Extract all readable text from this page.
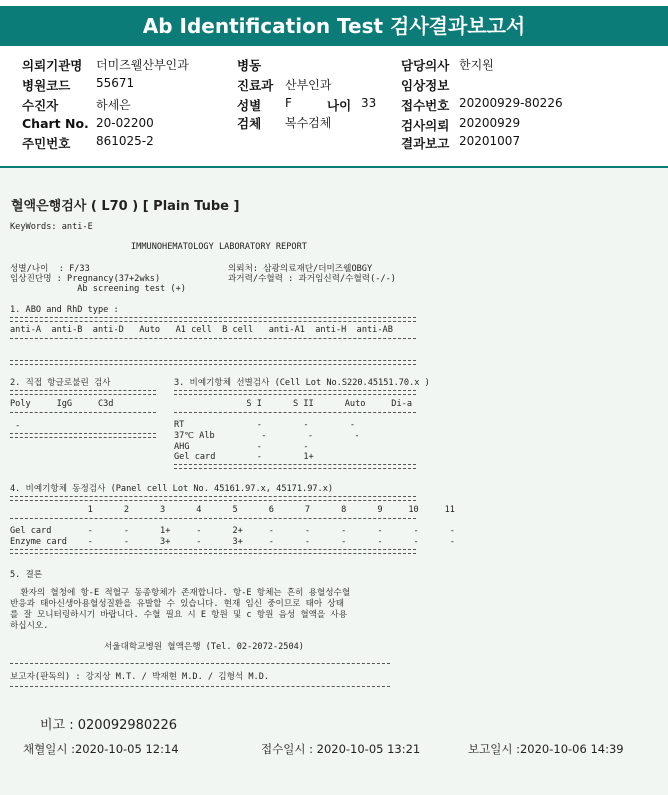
Ab Identification Test 검사결과보고서
의뢰기관명 더미즈웰산부인과
병원코드 55671
수진자	하세은
Chart No. 20-02200
주민번호 861025-2
병동
진료과 산부인과
성별 F	나이 33
검체 복수검체
담당의사 한지원
임상정보
접수번호 20200929-80226
검사의뢰 20200929
결과보고 20201007
혈액은행검사 ( L70 ) [ Plain Tube ]
KeyWords: anti-E
IMMUNOHEMATOLOGY LABORATORY REPORT
성별/나이  : F/33
임상진단명 : Pregnancy(37+2wks)
Ab screening test (+)
의뢰처: 삼광의료재단/더미즈웰OBGY
과거력/수혈력 : 과거임신력/수혈력(-/-)
1. ABO and RhD type :
anti-A  anti-B  anti-D   Auto   A1 cell  B cell   anti-A1  anti-H  anti-AB
2. 직접 항글로불린 검사
Poly     IgG     C3d
-
3. 비예기항체 선별검사 (Cell Lot No.S220.45151.70.x )
S I      S II      Auto     Di-a
RT              -        -        -
37℃ Alb         -        -        -
AHG             -        -
Gel card        -        1+
4. 비예기항체 동정검사 (Panel cell Lot No. 45161.97.x, 45171.97.x)
1      2      3      4      5      6      7      8      9     10     11
Gel card       -      -      1+     -      2+     -      -      -      -      -      -
Enzyme card    -      -      3+     -      3+     -      -      -      -      -      -
5. 결론
환자의 혈청에 항-E 적혈구 동종항체가 존재합니다. 항-E 항체는 흔히 용혈성수혈
반응과 태아신생아용혈성질환을 유발할 수 있습니다. 현재 임신 중이므로 태아 상태
를 잘 모니터링하시기 바랍니다. 수혈 필요 시 E 항원 및 c 항원 음성 혈액을 사용
하십시오.
서울대학교병원 혈액은행 (Tel. 02-2072-2504)
보고자(판독의) : 강지상 M.T. / 박재현 M.D. / 김형석 M.D.
비고 : 020092980226
채혈일시 :2020-10-05 12:14	접수일시 : 2020-10-05 13:21	보고일시 :2020-10-06 14:39
